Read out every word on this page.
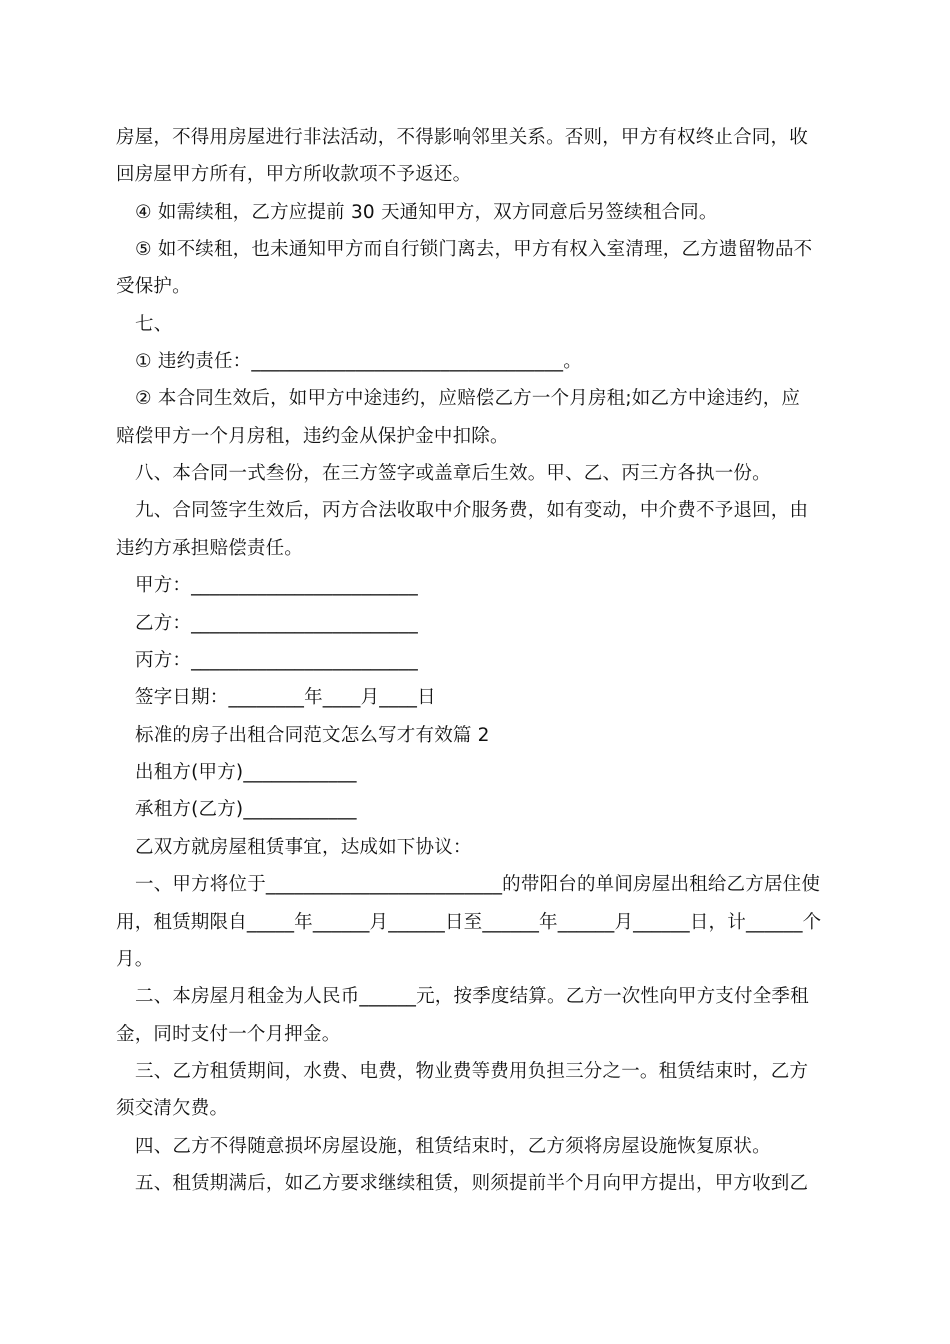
房屋，不得用房屋进行非法活动，不得影响邻里关系。否则，甲方有权终止合同，收
回房屋甲方所有，甲方所收款项不予返还。
④ 如需续租，乙方应提前 30 天通知甲方，双方同意后另签续租合同。
⑤ 如不续租，也未通知甲方而自行锁门离去，甲方有权入室清理，乙方遗留物品不
受保护。
七、
① 违约责任：_________________________________。
② 本合同生效后，如甲方中途违约，应赔偿乙方一个月房租;如乙方中途违约，应
赔偿甲方一个月房租，违约金从保护金中扣除。
八、本合同一式叁份，在三方签字或盖章后生效。甲、乙、丙三方各执一份。
九、合同签字生效后，丙方合法收取中介服务费，如有变动，中介费不予退回，由
违约方承担赔偿责任。
甲方：________________________
乙方：________________________
丙方：________________________
签字日期：________年____月____日
标准的房子出租合同范文怎么写才有效篇 2
出租方(甲方)____________
承租方(乙方)____________
乙双方就房屋租赁事宜，达成如下协议：
一、甲方将位于_________________________的带阳台的单间房屋出租给乙方居住使
用，租赁期限自_____年______月______日至______年______月______日，计______个
月。
二、本房屋月租金为人民币______元，按季度结算。乙方一次性向甲方支付全季租
金，同时支付一个月押金。
三、乙方租赁期间，水费、电费，物业费等费用负担三分之一。租赁结束时，乙方
须交清欠费。
四、乙方不得随意损坏房屋设施，租赁结束时，乙方须将房屋设施恢复原状。
五、租赁期满后，如乙方要求继续租赁，则须提前半个月向甲方提出，甲方收到乙
